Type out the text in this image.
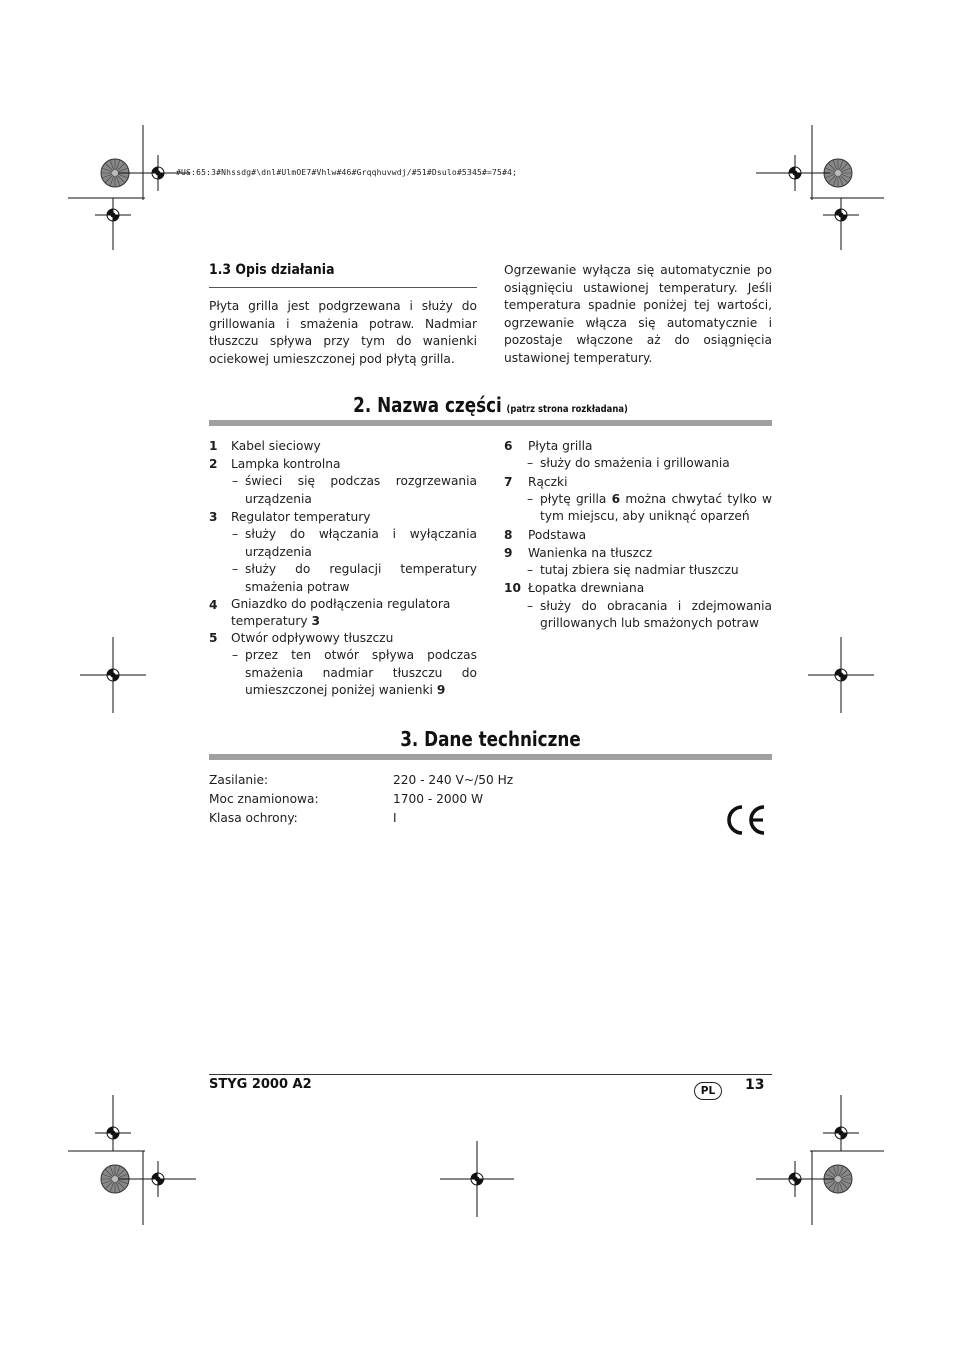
#US:65:3#Nhssdg#\dnl#UlmOE7#Vhlw#46#Grqqhuvwdj/#51#Dsulo#5345#=75#4;
1.3 Opis działania
Płyta grilla jest podgrzewana i służy do grillowania i smażenia potraw. Nadmiar tłuszczu spływa przy tym do wanienki ociekowej umieszczonej pod płytą grilla.
Ogrzewanie wyłącza się automatycznie po osiągnięciu ustawionej temperatury. Jeśli temperatura spadnie poniżej tej wartości, ogrzewanie włącza się automatycznie i pozostaje włączone aż do osiągnięcia ustawionej temperatury.
2. Nazwa części (patrz strona rozkładana)
1	Kabel sieciowy
2	Lampka kontrolna
– świeci się podczas rozgrzewania urządzenia
3	Regulator temperatury
– służy do włączania i wyłączania urządzenia
– służy do regulacji temperatury smażenia potraw
4	Gniazdko do podłączenia regulatora temperatury 3
5	Otwór odpływowy tłuszczu
– przez ten otwór spływa podczas smażenia nadmiar tłuszczu do umieszczonej poniżej wanienki 9
6	Płyta grilla
– służy do smażenia i grillowania
7	Rączki
– płytę grilla 6 można chwytać tylko w tym miejscu, aby uniknąć oparzeń
8	Podstawa
9	Wanienka na tłuszcz
– tutaj zbiera się nadmiar tłuszczu
10 Łopatka drewniana
– służy do obracania i zdejmowania grillowanych lub smażonych potraw
3. Dane techniczne
Zasilanie:	220 - 240 V~/50 Hz
Moc znamionowa:	1700 - 2000 W
Klasa ochrony:	I
STYG 2000 A2	PL	13
